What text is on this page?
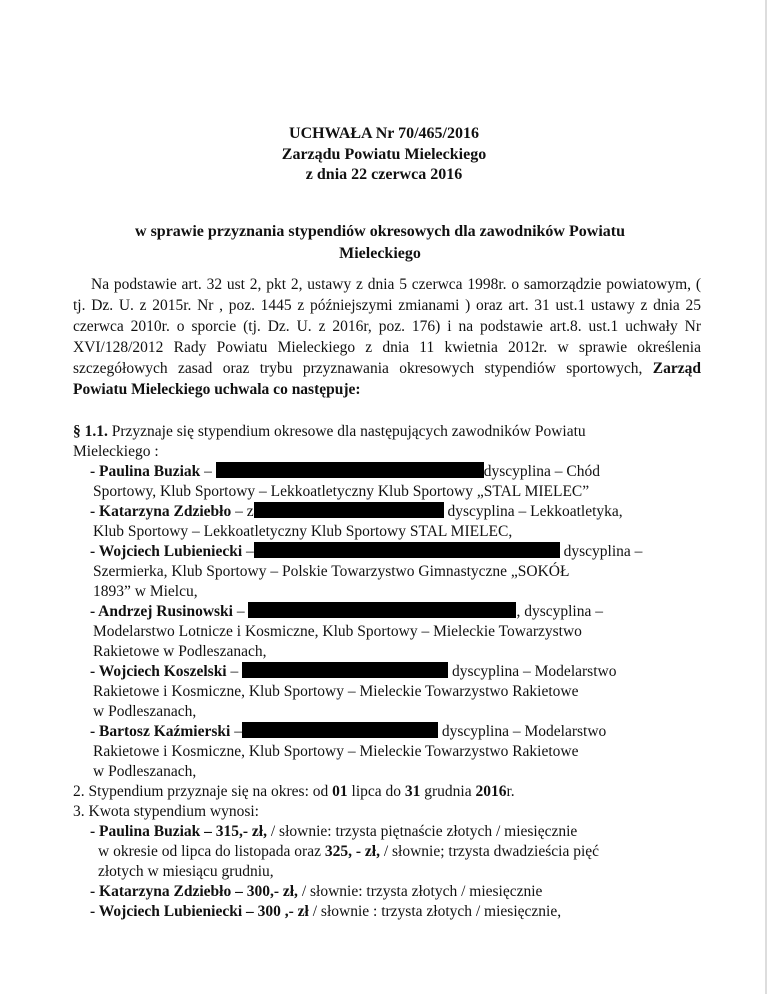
UCHWAŁA Nr 70/465/2016
Zarządu Powiatu Mieleckiego
z dnia 22 czerwca 2016
w sprawie przyznania stypendiów okresowych dla zawodników Powiatu
Mieleckiego
Na podstawie art. 32 ust 2, pkt 2, ustawy z dnia 5 czerwca 1998r. o samorządzie powiatowym, ( tj. Dz. U. z 2015r. Nr , poz. 1445 z późniejszymi zmianami ) oraz art. 31 ust.1 ustawy z dnia 25 czerwca 2010r. o sporcie (tj. Dz. U. z 2016r, poz. 176) i na podstawie art.8. ust.1 uchwały Nr XVI/128/2012 Rady Powiatu Mieleckiego z dnia 11 kwietnia 2012r. w sprawie określenia szczegółowych zasad oraz trybu przyznawania okresowych stypendiów sportowych, Zarząd Powiatu Mieleckiego uchwala co następuje:
§ 1.1. Przyznaje się stypendium okresowe dla następujących zawodników Powiatu
Mieleckiego :
- Paulina Buziak –	dyscyplina – Chód
Sportowy, Klub Sportowy – Lekkoatletyczny Klub Sportowy „STAL MIELEC”
- Katarzyna Zdziebło – z	dyscyplina – Lekkoatletyka,
Klub Sportowy – Lekkoatletyczny Klub Sportowy STAL MIELEC,
- Wojciech Lubieniecki –	dyscyplina –
Szermierka, Klub Sportowy – Polskie Towarzystwo Gimnastyczne „SOKÓŁ
1893” w Mielcu,
- Andrzej Rusinowski –	, dyscyplina –
Modelarstwo Lotnicze i Kosmiczne, Klub Sportowy – Mieleckie Towarzystwo
Rakietowe w Podleszanach,
- Wojciech Koszelski –	dyscyplina – Modelarstwo
Rakietowe i Kosmiczne, Klub Sportowy – Mieleckie Towarzystwo Rakietowe
w Podleszanach,
- Bartosz Kaźmierski –	dyscyplina – Modelarstwo
Rakietowe i Kosmiczne, Klub Sportowy – Mieleckie Towarzystwo Rakietowe
w Podleszanach,
2. Stypendium przyznaje się na okres: od 01 lipca do 31 grudnia 2016r.
3. Kwota stypendium wynosi:
- Paulina Buziak – 315,- zł, / słownie: trzysta piętnaście złotych / miesięcznie
w okresie od lipca do listopada oraz 325, - zł, / słownie; trzysta dwadzieścia pięć
złotych w miesiącu grudniu,
- Katarzyna Zdziebło – 300,- zł, / słownie: trzysta złotych / miesięcznie
- Wojciech Lubieniecki – 300 ,- zł / słownie : trzysta złotych / miesięcznie,
